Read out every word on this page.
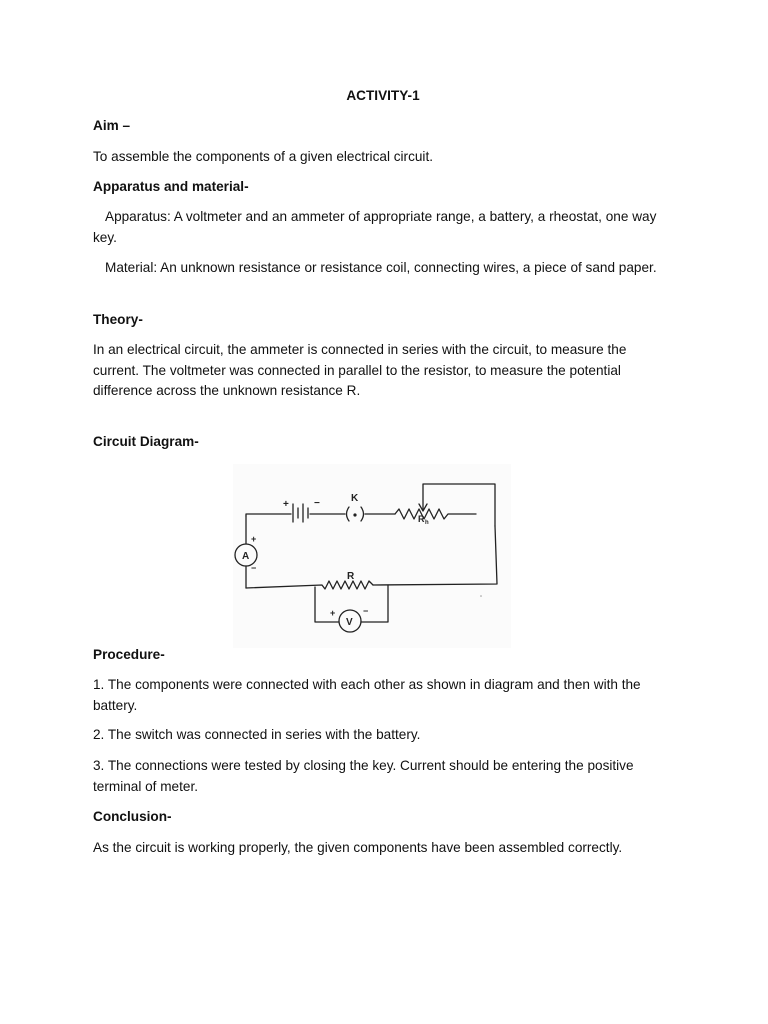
ACTIVITY-1

Aim –

To assemble the components of a given electrical circuit.

Apparatus and material-

Apparatus: A voltmeter and an ammeter of appropriate range, a battery, a rheostat, one way key.

Material: An unknown resistance or resistance coil, connecting wires, a piece of sand paper.

Theory-

In an electrical circuit, the ammeter is connected in series with the circuit, to measure the current. The voltmeter was connected in parallel to the resistor, to measure the potential difference across the unknown resistance R.

Circuit Diagram-

+	−	K
R h
R
A
+
−
V
+	−

Procedure-

1. The components were connected with each other as shown in diagram and then with the battery.

2. The switch was connected in series with the battery.

3. The connections were tested by closing the key. Current should be entering the positive terminal of meter.

Conclusion-

As the circuit is working properly, the given components have been assembled correctly.
